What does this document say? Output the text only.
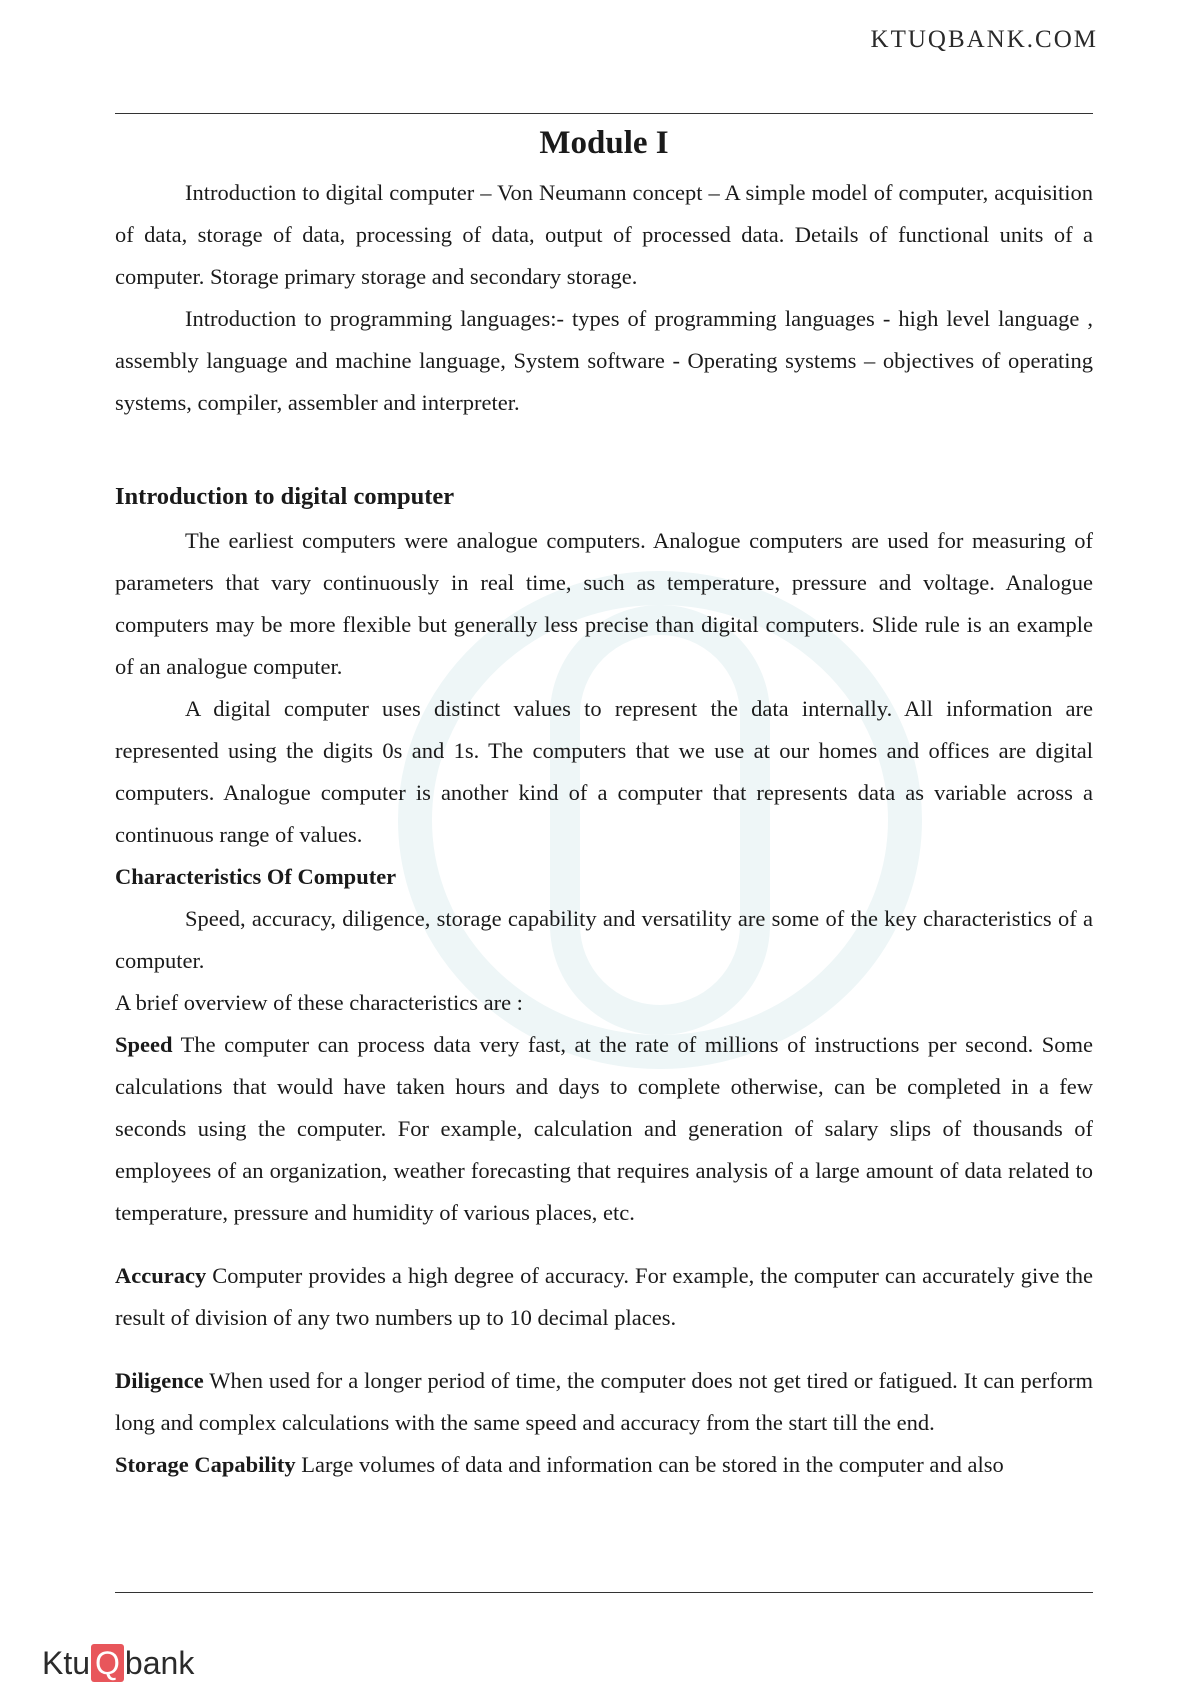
KTUQBANK.COM
Module I

Introduction to digital computer – Von Neumann concept – A simple model of computer, acquisition of data, storage of data, processing of data, output of processed data. Details of functional units of a computer. Storage primary storage and secondary storage.

Introduction to programming languages:- types of programming languages - high level language , assembly language and machine language, System software - Operating systems – objectives of operating systems, compiler, assembler and interpreter.

Introduction to digital computer

The earliest computers were analogue computers. Analogue computers are used for measuring of parameters that vary continuously in real time, such as temperature, pressure and voltage. Analogue computers may be more flexible but generally less precise than digital computers. Slide rule is an example of an analogue computer.

A digital computer uses distinct values to represent the data internally. All information are represented using the digits 0s and 1s. The computers that we use at our homes and offices are digital computers. Analogue computer is another kind of a computer that represents data as variable across a continuous range of values.

Characteristics Of Computer

Speed, accuracy, diligence, storage capability and versatility are some of the key characteristics of a computer.

A brief overview of these characteristics are :

Speed The computer can process data very fast, at the rate of millions of instructions per second. Some calculations that would have taken hours and days to complete otherwise, can be completed in a few seconds using the computer. For example, calculation and generation of salary slips of thousands of employees of an organization, weather forecasting that requires analysis of a large amount of data related to temperature, pressure and humidity of various places, etc.

Accuracy Computer provides a high degree of accuracy. For example, the computer can accurately give the result of division of any two numbers up to 10 decimal places.

Diligence When used for a longer period of time, the computer does not get tired or fatigued. It can perform long and complex calculations with the same speed and accuracy from the start till the end.

Storage Capability Large volumes of data and information can be stored in the computer and also

Ktu Q bank
